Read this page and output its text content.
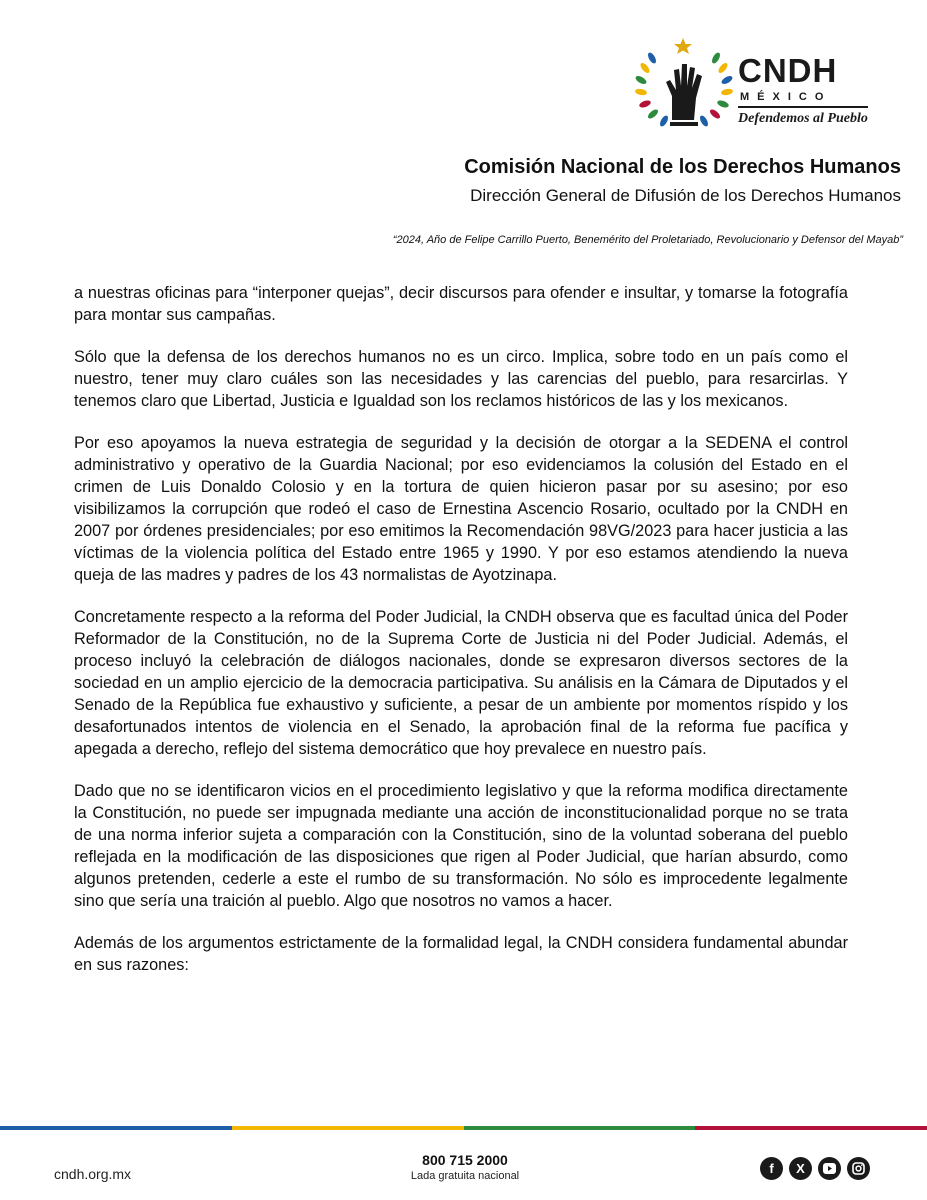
CNDH
MÉXICO
Defendemos al Pueblo
Comisión Nacional de los Derechos Humanos
Dirección General de Difusión de los Derechos Humanos
“2024, Año de Felipe Carrillo Puerto, Benemérito del Proletariado, Revolucionario y Defensor del Mayab”

a nuestras oficinas para “interponer quejas”, decir discursos para ofender e insultar, y tomarse la fotografía para montar sus campañas.

Sólo que la defensa de los derechos humanos no es un circo. Implica, sobre todo en un país como el nuestro, tener muy claro cuáles son las necesidades y las carencias del pueblo, para resarcirlas. Y tenemos claro que Libertad, Justicia e Igualdad son los reclamos históricos de las y los mexicanos.

Por eso apoyamos la nueva estrategia de seguridad y la decisión de otorgar a la SEDENA el control administrativo y operativo de la Guardia Nacional; por eso evidenciamos la colusión del Estado en el crimen de Luis Donaldo Colosio y en la tortura de quien hicieron pasar por su asesino; por eso visibilizamos la corrupción que rodeó el caso de Ernestina Ascencio Rosario, ocultado por la CNDH en 2007 por órdenes presidenciales; por eso emitimos la Recomendación 98VG/2023 para hacer justicia a las víctimas de la violencia política del Estado entre 1965 y 1990. Y por eso estamos atendiendo la nueva queja de las madres y padres de los 43 normalistas de Ayotzinapa.

Concretamente respecto a la reforma del Poder Judicial, la CNDH observa que es facultad única del Poder Reformador de la Constitución, no de la Suprema Corte de Justicia ni del Poder Judicial. Además, el proceso incluyó la celebración de diálogos nacionales, donde se expresaron diversos sectores de la sociedad en un amplio ejercicio de la democracia participativa. Su análisis en la Cámara de Diputados y el Senado de la República fue exhaustivo y suficiente, a pesar de un ambiente por momentos ríspido y los desafortunados intentos de violencia en el Senado, la aprobación final de la reforma fue pacífica y apegada a derecho, reflejo del sistema democrático que hoy prevalece en nuestro país.

Dado que no se identificaron vicios en el procedimiento legislativo y que la reforma modifica directamente la Constitución, no puede ser impugnada mediante una acción de inconstitucionalidad porque no se trata de una norma inferior sujeta a comparación con la Constitución, sino de la voluntad soberana del pueblo reflejada en la modificación de las disposiciones que rigen al Poder Judicial, que harían absurdo, como algunos pretenden, cederle a este el rumbo de su transformación. No sólo es improcedente legalmente sino que sería una traición al pueblo. Algo que nosotros no vamos a hacer.

Además de los argumentos estrictamente de la formalidad legal, la CNDH considera fundamental abundar en sus razones:

cndh.org.mx
800 715 2000
Lada gratuita nacional	f	X
